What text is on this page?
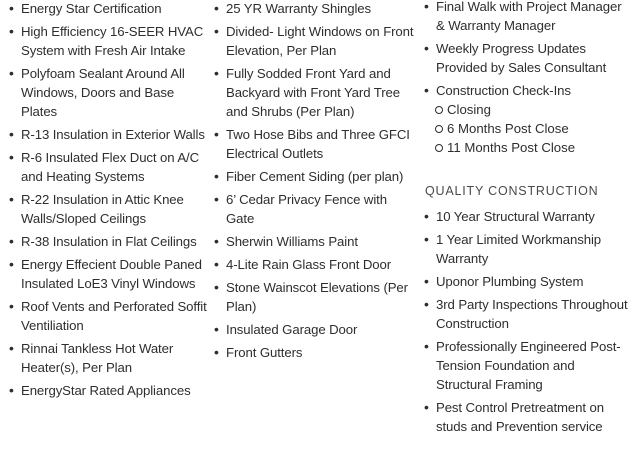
• Energy Star Certification
• High Efficiency 16-SEER HVAC System with Fresh Air Intake
• Polyfoam Sealant Around All Windows, Doors and Base Plates
• R-13 Insulation in Exterior Walls
• R-6 Insulated Flex Duct on A/C and Heating Systems
• R-22 Insulation in Attic Knee Walls/Sloped Ceilings
• R-38 Insulation in Flat Ceilings
• Energy Effecient Double Paned Insulated LoE3 Vinyl Windows
• Roof Vents and Perforated Soffit Ventiliation
• Rinnai Tankless Hot Water Heater(s), Per Plan
• EnergyStar Rated Appliances
• 25 YR Warranty Shingles
• Divided- Light Windows on Front Elevation, Per Plan
• Fully Sodded Front Yard and Backyard with Front Yard Tree and Shrubs (Per Plan)
• Two Hose Bibs and Three GFCI Electrical Outlets
• Fiber Cement Siding (per plan)
• 6’ Cedar Privacy Fence with Gate
• Sherwin Williams Paint
• 4-Lite Rain Glass Front Door
• Stone Wainscot Elevations (Per Plan)
• Insulated Garage Door
• Front Gutters
• Final Walk with Project Manager & Warranty Manager
• Weekly Progress Updates Provided by Sales Consultant
• Construction Check-Ins
Closing
6 Months Post Close
11 Months Post Close
QUALITY CONSTRUCTION
• 10 Year Structural Warranty
• 1 Year Limited Workmanship Warranty
• Uponor Plumbing System
• 3rd Party Inspections Throughout Construction
• Professionally Engineered Post-Tension Foundation and Structural Framing
• Pest Control Pretreatment on studs and Prevention service
